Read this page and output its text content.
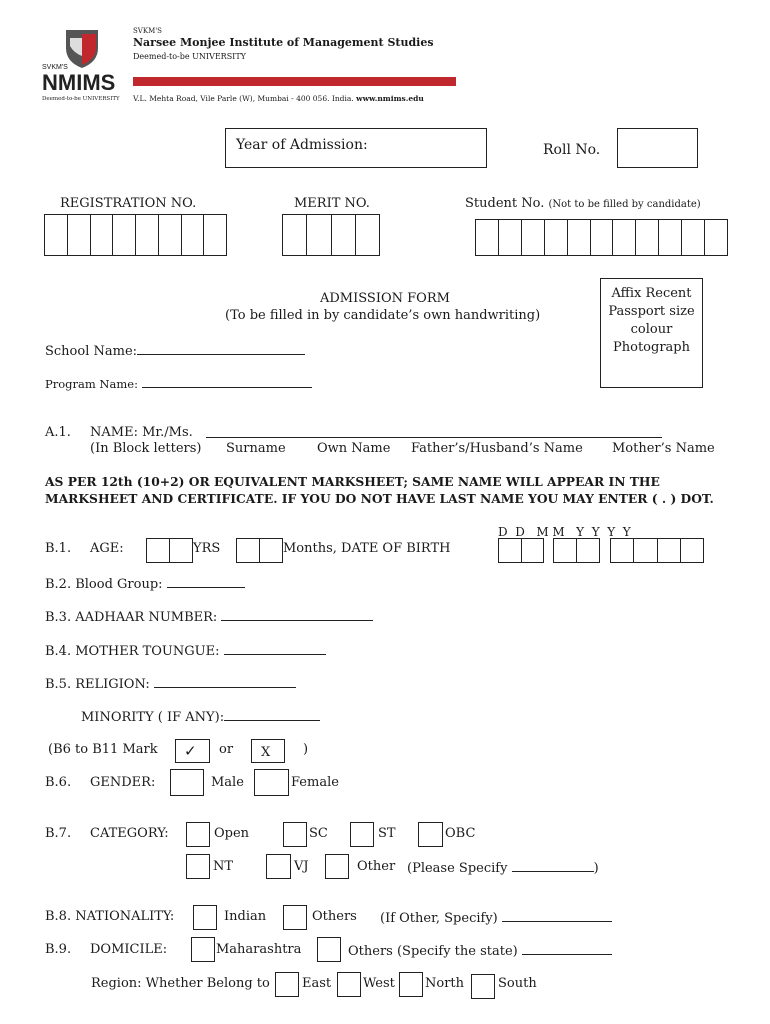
SVKM'S
NMIMS
Deemed-to-be UNIVERSITY
SVKM'S
Narsee Monjee Institute of Management Studies
Deemed-to-be UNIVERSITY
V.L. Mehta Road, Vile Parle (W), Mumbai - 400 056. India. www.nmims.edu
Year of Admission:	Roll No.
REGISTRATION NO.	MERIT NO.	Student No. (Not to be filled by candidate)
ADMISSION FORM
(To be filled in by candidate’s own handwriting)
Affix Recent Passport size colour Photograph
School Name:
Program Name:
A.1. NAME: Mr./Ms.
(In Block letters) Surname Own Name Father’s/Husband’s Name Mother’s Name
AS PER 12th (10+2) OR EQUIVALENT MARKSHEET; SAME NAME WILL APPEAR IN THE MARKSHEET AND CERTIFICATE. IF YOU DO NOT HAVE LAST NAME YOU MAY ENTER ( . ) DOT.
D  D   M M   Y  Y  Y  Y
B.1. AGE:	YRS	Months, DATE OF BIRTH
B.2. Blood Group:
B.3. AADHAAR NUMBER:
B.4. MOTHER TOUNGUE:
B.5. RELIGION:
MINORITY ( IF ANY):
(B6 to B11 Mark ✓ or X	)
B.6. GENDER:	Male	Female
B.7. CATEGORY:	Open	SC	ST	OBC
NT	VJ	Other (Please Specify	)
B.8. NATIONALITY:	Indian	Others (If Other, Specify)
B.9. DOMICILE:	Maharashtra	Others (Specify the state)
Region: Whether Belong to East West North	South
